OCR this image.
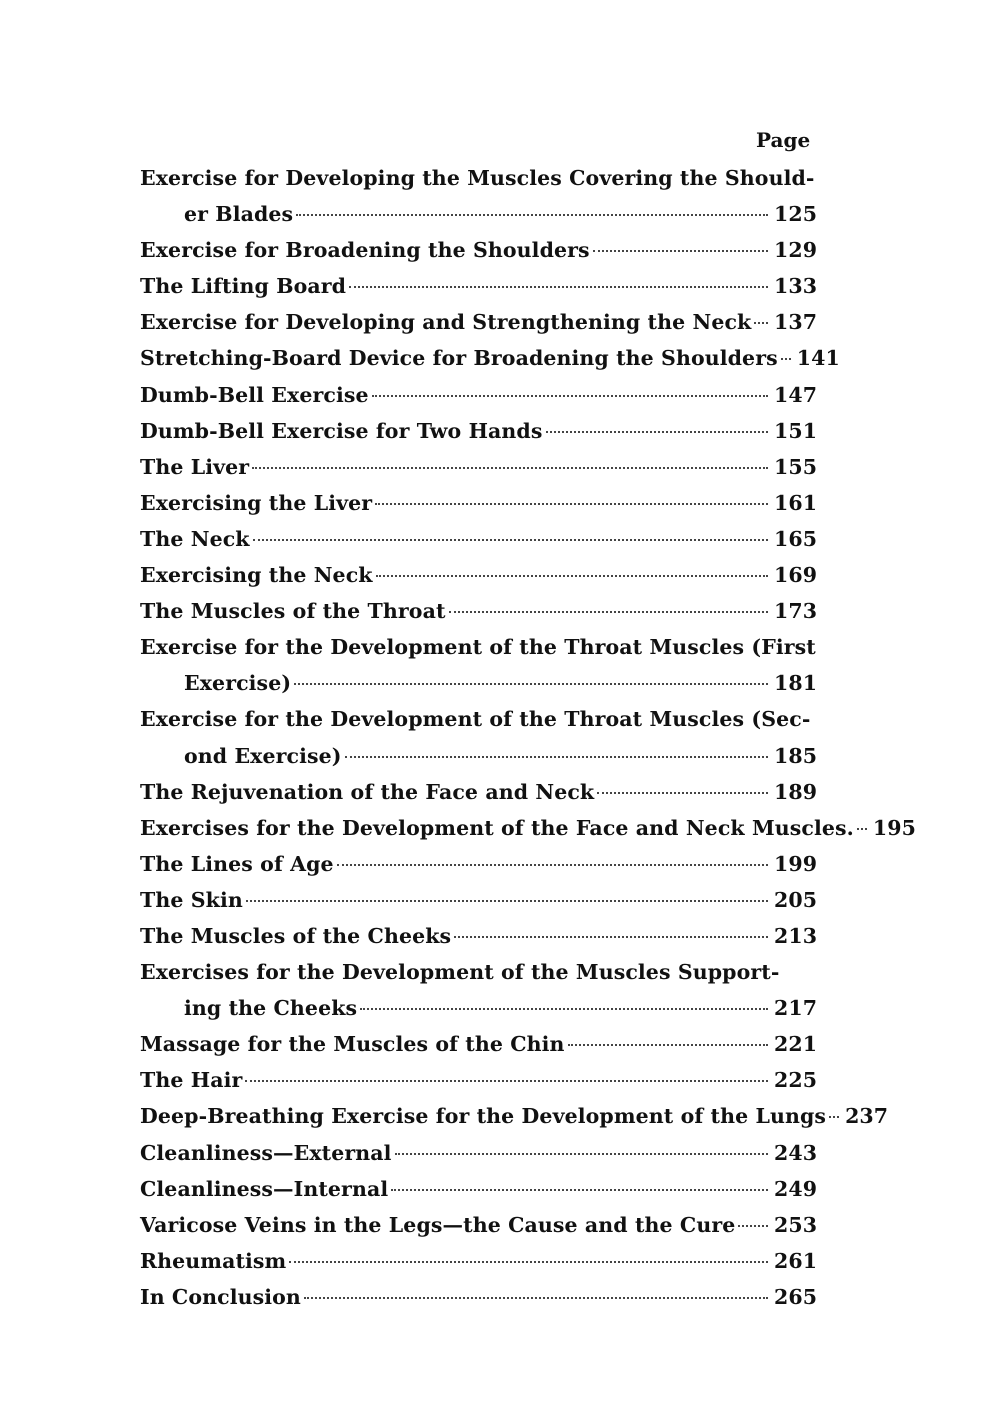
Page
Exercise for Developing the Muscles Covering the Should-
er Blades	125
Exercise for Broadening the Shoulders	129
The Lifting Board	133
Exercise for Developing and Strengthening the Neck 137
Stretching-Board Device for Broadening the Shoulders 141
Dumb-Bell Exercise	147
Dumb-Bell Exercise for Two Hands	151
The Liver	155
Exercising the Liver	161
The Neck	165
Exercising the Neck	169
The Muscles of the Throat	173
Exercise for the Development of the Throat Muscles (First
Exercise)	181
Exercise for the Development of the Throat Muscles (Sec-
ond Exercise)	185
The Rejuvenation of the Face and Neck	189
Exercises for the Development of the Face and Neck Muscles. 195
The Lines of Age	199
The Skin	205
The Muscles of the Cheeks	213
Exercises for the Development of the Muscles Support-
ing the Cheeks	217
Massage for the Muscles of the Chin	221
The Hair	225
Deep-Breathing Exercise for the Development of the Lungs 237
Cleanliness—External	243
Cleanliness—Internal	249
Varicose Veins in the Legs—the Cause and the Cure 253
Rheumatism	261
In Conclusion	265
